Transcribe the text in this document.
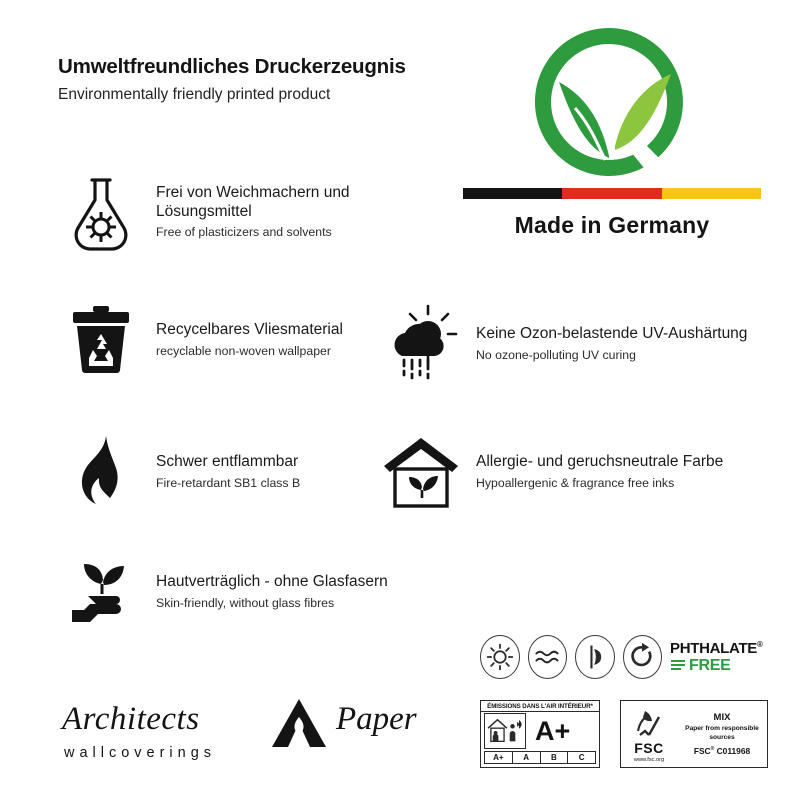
Umweltfreundliches Druckerzeugnis
Environmentally friendly printed product
Made in Germany
Frei von Weichmachern und Lösungsmittel
Free of plasticizers and solvents
Recycelbares Vliesmaterial
recyclable non-woven wallpaper
Schwer entflammbar
Fire-retardant SB1 class B
Hautverträglich - ohne Glasfasern
Skin-friendly, without glass fibres
Keine Ozon-belastende UV-Aushärtung
No ozone-polluting UV curing
Allergie- und geruchsneutrale Farbe
Hypoallergenic & fragrance free inks
Architects
wallcoverings
Paper
PHTHALATE®
FREE
ÉMISSIONS DANS L'AIR INTÉRIEUR*
A+
A+	A	B	C
FSC
www.fsc.org
MIX
Paper from responsible sources
FSC® C011968
